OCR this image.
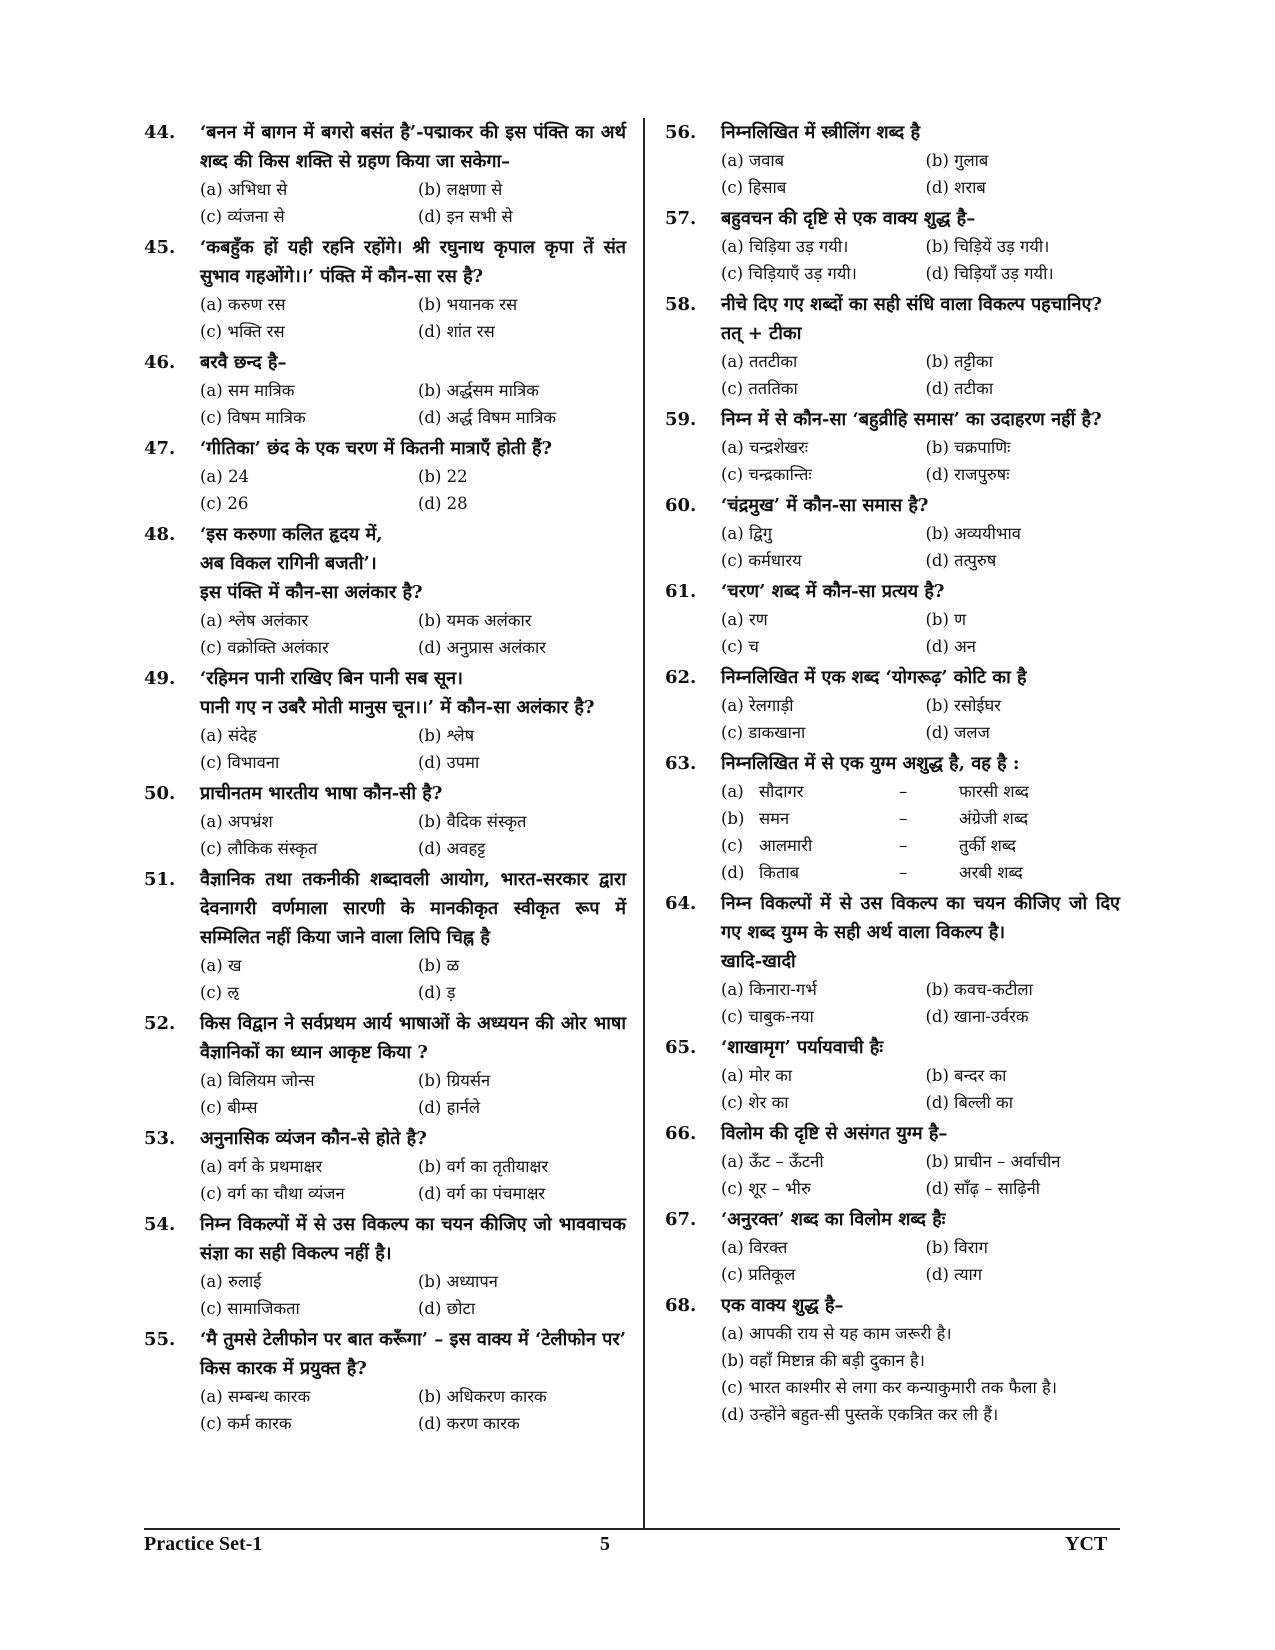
44. ‘बनन में बागन में बगरो बसंत है’-पद्माकर की इस पंक्ति का अर्थ शब्द की किस शक्ति से ग्रहण किया जा सकेगा–
(a) अभिधा से	(b) लक्षणा से
(c) व्यंजना से	(d) इन सभी से
45. ‘कबहुँक हों यही रहनि रहोंगे। श्री रघुनाथ कृपाल कृपा तें संत सुभाव गहओंगे।।’ पंक्ति में कौन-सा रस है?
(a) करुण रस	(b) भयानक रस
(c) भक्ति रस	(d) शांत रस
46. बरवै छन्द है–
(a) सम मात्रिक	(b) अर्द्धसम मात्रिक
(c) विषम मात्रिक	(d) अर्द्ध विषम मात्रिक
47. ‘गीतिका’ छंद के एक चरण में कितनी मात्राएँ होती हैं?
(a) 24	(b) 22
(c) 26	(d) 28
48. ‘इस करुणा कलित हृदय में,
अब विकल रागिनी बजती’।
इस पंक्ति में कौन-सा अलंकार है?
(a) श्लेष अलंकार	(b) यमक अलंकार
(c) वक्रोक्ति अलंकार	(d) अनुप्रास अलंकार
49. ‘रहिमन पानी राखिए बिन पानी सब सून।
पानी गए न उबरै मोती मानुस चून।।’ में कौन-सा अलंकार है?
(a) संदेह	(b) श्लेष
(c) विभावना	(d) उपमा
50. प्राचीनतम भारतीय भाषा कौन-सी है?
(a) अपभ्रंश	(b) वैदिक संस्कृत
(c) लौकिक संस्कृत	(d) अवहट्ट
51. वैज्ञानिक तथा तकनीकी शब्दावली आयोग, भारत-सरकार द्वारा देवनागरी वर्णमाला सारणी के मानकीकृत स्वीकृत रूप में सम्मिलित नहीं किया जाने वाला लिपि चिह्न है
(a) ख	(b) ळ
(c) ऌ	(d) ड़
52. किस विद्वान ने सर्वप्रथम आर्य भाषाओं के अध्ययन की ओर भाषा वैज्ञानिकों का ध्यान आकृष्ट किया ?
(a) विलियम जोन्स	(b) ग्रियर्सन
(c) बीम्स	(d) हार्नले
53. अनुनासिक व्यंजन कौन-से होते है?
(a) वर्ग के प्रथमाक्षर	(b) वर्ग का तृतीयाक्षर
(c) वर्ग का चौथा व्यंजन	(d) वर्ग का पंचमाक्षर
54. निम्न विकल्पों में से उस विकल्प का चयन कीजिए जो भाववाचक संज्ञा का सही विकल्प नहीं है।
(a) रुलाई	(b) अध्यापन
(c) सामाजिकता	(d) छोटा
55. ‘मै तुमसे टेलीफोन पर बात करूँगा’ – इस वाक्य में ‘टेलीफोन पर’ किस कारक में प्रयुक्त है?
(a) सम्बन्ध कारक	(b) अधिकरण कारक
(c) कर्म कारक	(d) करण कारक
56. निम्नलिखित में स्त्रीलिंग शब्द है
(a) जवाब	(b) गुलाब
(c) हिसाब	(d) शराब
57. बहुवचन की दृष्टि से एक वाक्य शुद्ध है–
(a) चिड़िया उड़ गयी।	(b) चिड़ियें उड़ गयी।
(c) चिड़ियाएँ उड़ गयी।	(d) चिड़ियाँ उड़ गयी।
58. नीचे दिए गए शब्दों का सही संधि वाला विकल्प पहचानिए?
तत् + टीका
(a) ततटीका	(b) तट्टीका
(c) तततिका	(d) तटीका
59. निम्न में से कौन-सा ‘बहुव्रीहि समास’ का उदाहरण नहीं है?
(a) चन्द्रशेखरः	(b) चक्रपाणिः
(c) चन्द्रकान्तिः	(d) राजपुरुषः
60. ‘चंद्रमुख’ में कौन-सा समास है?
(a) द्विगु	(b) अव्ययीभाव
(c) कर्मधारय	(d) तत्पुरुष
61. ‘चरण’ शब्द में कौन-सा प्रत्यय है?
(a) रण	(b) ण
(c) च	(d) अन
62. निम्नलिखित में एक शब्द ‘योगरूढ़’ कोटि का है
(a) रेलगाड़ी	(b) रसोईघर
(c) डाकखाना	(d) जलज
63. निम्नलिखित में से एक युग्म अशुद्ध है, वह है :
(a) सौदागर	–	फारसी शब्द
(b) समन	–	अंग्रेजी शब्द
(c) आलमारी	–	तुर्की शब्द
(d) किताब	–	अरबी शब्द
64. निम्न विकल्पों में से उस विकल्प का चयन कीजिए जो दिए गए शब्द युग्म के सही अर्थ वाला विकल्प है।
खादि-खादी
(a) किनारा-गर्भ	(b) कवच-कटीला
(c) चाबुक-नया	(d) खाना-उर्वरक
65. ‘शाखामृग’ पर्यायवाची हैः
(a) मोर का	(b) बन्दर का
(c) शेर का	(d) बिल्ली का
66. विलोम की दृष्टि से असंगत युग्म है–
(a) ऊँट – ऊँटनी	(b) प्राचीन – अर्वाचीन
(c) शूर – भीरु	(d) साँढ़ – साढ़िनी
67. ‘अनुरक्त’ शब्द का विलोम शब्द हैः
(a) विरक्त	(b) विराग
(c) प्रतिकूल	(d) त्याग
68. एक वाक्य शुद्ध है–
(a) आपकी राय से यह काम जरूरी है।
(b) वहाँ मिष्टान्न की बड़ी दुकान है।
(c) भारत काश्मीर से लगा कर कन्याकुमारी तक फैला है।
(d) उन्होंने बहुत-सी पुस्तकें एकत्रित कर ली हैं।
Practice Set-1	5	YCT
